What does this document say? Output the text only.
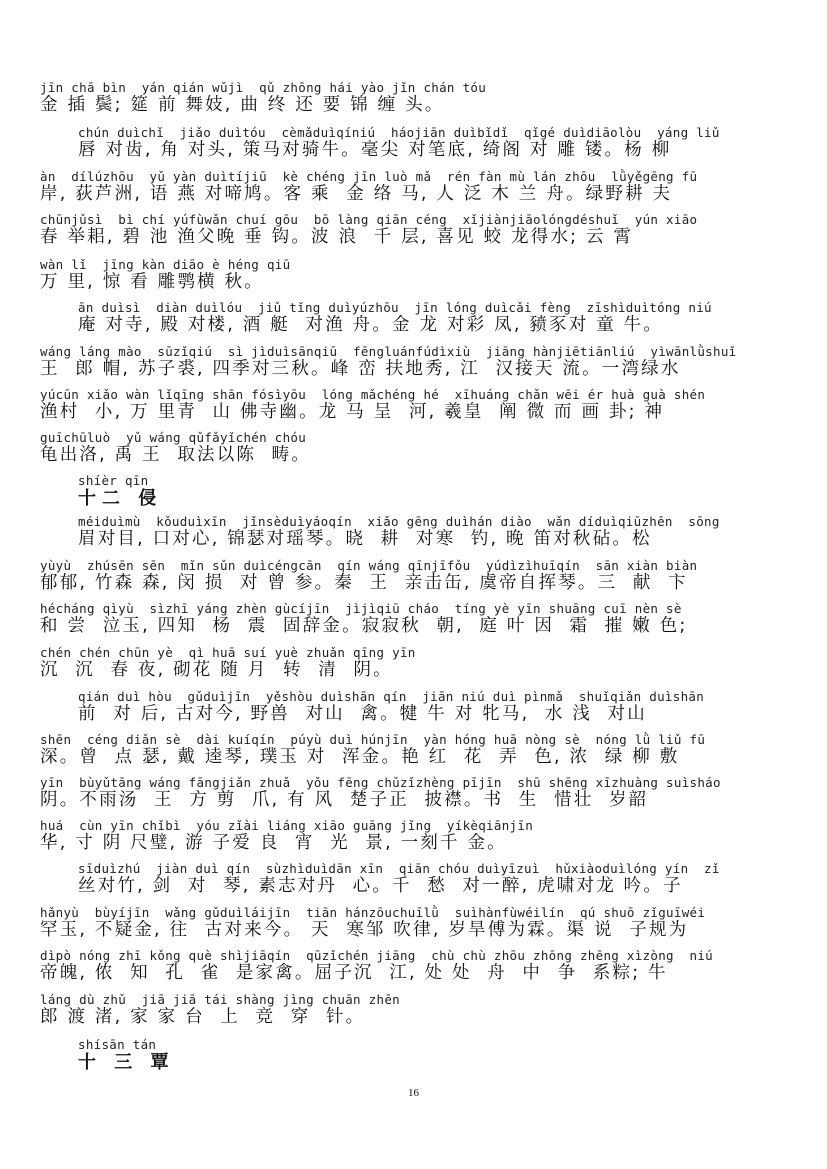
jīn chā bìn  yán qián wǔjì  qǔ zhōng hái yào jǐn chán tóu
金 插 鬓; 筵 前 舞妓, 曲 终 还 要 锦 缠 头。
chún duìchǐ  jiǎo duìtóu  cèmǎduìqíniú  háojiān duìbǐdǐ  qǐgé duìdiāolòu  yáng liǔ
唇 对齿, 角 对头, 策马对骑牛。毫尖 对笔底, 绮阁 对 雕 镂。杨 柳
àn  dílúzhōu  yǔ yàn duìtíjiū  kè chéng jīn luò mǎ  rén fàn mù lán zhōu  lǜyěgēng fū
岸, 荻芦洲, 语 燕 对啼鸠。客 乘  金 络 马, 人 泛 木 兰 舟。绿野耕 夫
chūnjǔsì  bì chí yúfùwǎn chuí gōu  bō làng qiān céng  xǐjiànjiāolóngdéshuǐ  yún xiāo
春 举耜, 碧 池 渔父晚 垂 钩。波 浪  千 层, 喜见 蛟 龙得水; 云 霄
wàn lǐ  jīng kàn diāo è héng qiū
万 里, 惊 看 雕鹗横 秋。
ān duìsì  diàn duìlóu  jiǔ tǐng duìyúzhōu  jīn lóng duìcǎi fèng  zīshìduìtóng niú
庵 对寺, 殿 对楼, 酒 艇  对渔 舟。金 龙 对彩 凤, 豮豕对 童 牛。
wáng láng mào  sūzǐqiú  sì jìduìsānqiū  fēngluánfúdìxiù  jiāng hànjiētiānliú  yìwānlǜshuǐ
王  郎 帽, 苏子裘, 四季对三秋。峰 峦 扶地秀, 江  汉接天 流。一湾绿水
yúcūn xiǎo wàn lǐqīng shān fósìyōu  lóng mǎchéng hé  xīhuáng chǎn wēi ér huà guà shén
渔村  小, 万 里青  山 佛寺幽。龙 马 呈  河, 羲皇  阐 微 而 画 卦; 神
guīchūluò  yǔ wáng qǔfǎyǐchén chóu
龟出洛, 禹 王  取法以陈  畴。
shíèr qīn
十二 侵
méiduìmù  kǒuduìxīn  jǐnsèduìyáoqín  xiǎo gēng duìhán diào  wǎn díduìqiūzhēn  sōng
眉对目, 口对心, 锦瑟对瑶琴。晓  耕  对寒  钓, 晚 笛对秋砧。松
yùyù  zhúsēn sēn  mǐn sǔn duìcéngcān  qín wáng qīnjīfǒu  yúdìzìhuīqín  sān xiàn biàn
郁郁, 竹森 森, 闵 损  对 曾 参。秦  王  亲击缶, 虞帝自挥琴。三  献  卞
hécháng qìyù  sìzhī yáng zhèn gùcíjīn  jìjìqiū cháo  tíng yè yīn shuāng cuī nèn sè
和 尝  泣玉, 四知  杨  震  固辞金。寂寂秋  朝,  庭 叶 因  霜  摧 嫩 色;
chén chén chūn yè  qì huā suí yuè zhuǎn qīng yīn
沉  沉  春 夜, 砌花 随 月  转  清  阴。
qián duì hòu  gǔduìjīn  yěshòu duìshān qín  jiān niú duì pìnmǎ  shuǐqiǎn duìshān
前  对 后, 古对今, 野兽  对山  禽。犍 牛 对 牝马,  水 浅  对山
shēn  céng diǎn sè  dài kuíqín  púyù duì húnjīn  yàn hóng huā nòng sè  nóng lǜ liǔ fū
深。曾  点 瑟, 戴 逵琴, 璞玉 对  浑金。艳 红  花  弄  色, 浓  绿 柳 敷
yīn  bùyǔtāng wáng fāngjiǎn zhuǎ  yǒu fēng chǔzǐzhèng pījīn  shū shēng xīzhuàng suìsháo
阴。不雨汤  王  方 剪  爪, 有 风  楚子正  披襟。书  生  惜壮  岁韶
huá  cùn yīn chǐbì  yóu zǐài liáng xiāo guāng jǐng  yíkèqiānjīn
华, 寸 阴 尺璧, 游 子爱 良  宵  光  景, 一刻千 金。
sīduìzhú  jiàn duì qín  sùzhìduìdān xīn  qiān chóu duìyīzuì  hǔxiàoduìlóng yín  zǐ
丝对竹, 剑  对  琴, 素志对丹  心。千  愁  对一醉, 虎啸对龙 吟。子
hǎnyù  bùyíjīn  wǎng gǔduìláijīn  tiān hánzōuchuīlǜ  suìhànfùwéilín  qú shuō zǐguīwéi
罕玉, 不疑金, 往  古对来今。 天  寒邹 吹律, 岁旱傅为霖。渠 说  子规为
dìpò nóng zhī kǒng què shìjiāqín  qūzǐchén jiāng  chù chù zhōu zhōng zhēng xìzòng  niú
帝魄, 侬  知  孔  雀  是家禽。屈子沉  江, 处 处  舟  中  争  系粽; 牛
láng dù zhǔ  jiā jiā tái shàng jìng chuān zhēn
郎 渡 渚, 家 家 台  上  竞  穿  针。
shísān tán
十 三 覃
16
